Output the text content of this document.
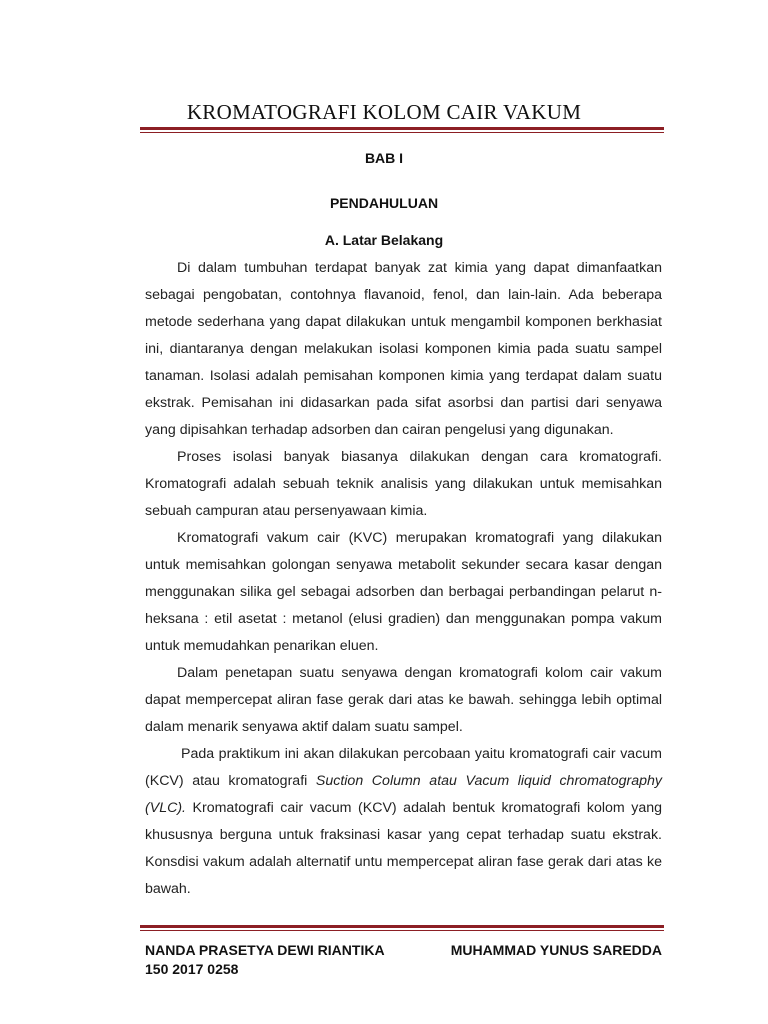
KROMATOGRAFI KOLOM CAIR VAKUM
BAB I
PENDAHULUAN
A. Latar Belakang

Di dalam tumbuhan terdapat banyak zat kimia yang dapat dimanfaatkan sebagai pengobatan, contohnya flavanoid, fenol, dan lain-lain. Ada beberapa metode sederhana yang dapat dilakukan untuk mengambil komponen berkhasiat ini, diantaranya dengan melakukan isolasi komponen kimia pada suatu sampel tanaman. Isolasi adalah pemisahan komponen kimia yang terdapat dalam suatu ekstrak. Pemisahan ini didasarkan pada sifat asorbsi dan partisi dari senyawa yang dipisahkan terhadap adsorben dan cairan pengelusi yang digunakan.

Proses isolasi banyak biasanya dilakukan dengan cara kromatografi. Kromatografi adalah sebuah teknik analisis yang dilakukan untuk memisahkan sebuah campuran atau persenyawaan kimia.

Kromatografi vakum cair (KVC) merupakan kromatografi yang dilakukan untuk memisahkan golongan senyawa metabolit sekunder secara kasar dengan menggunakan silika gel sebagai adsorben dan berbagai perbandingan pelarut n-heksana : etil asetat : metanol (elusi gradien) dan menggunakan pompa vakum untuk memudahkan penarikan eluen.

Dalam penetapan suatu senyawa dengan kromatografi kolom cair vakum dapat mempercepat aliran fase gerak dari atas ke bawah. sehingga lebih optimal dalam menarik senyawa aktif dalam suatu sampel.

Pada praktikum ini akan dilakukan percobaan yaitu kromatografi cair vacum (KCV) atau kromatografi Suction Column atau Vacum liquid chromatography (VLC). Kromatografi cair vacum (KCV) adalah bentuk kromatografi kolom yang khususnya berguna untuk fraksinasi kasar yang cepat terhadap suatu ekstrak. Konsdisi vakum adalah alternatif untu mempercepat aliran fase gerak dari atas ke bawah.

NANDA PRASETYA DEWI RIANTIKA	MUHAMMAD YUNUS SAREDDA
150 2017 0258
